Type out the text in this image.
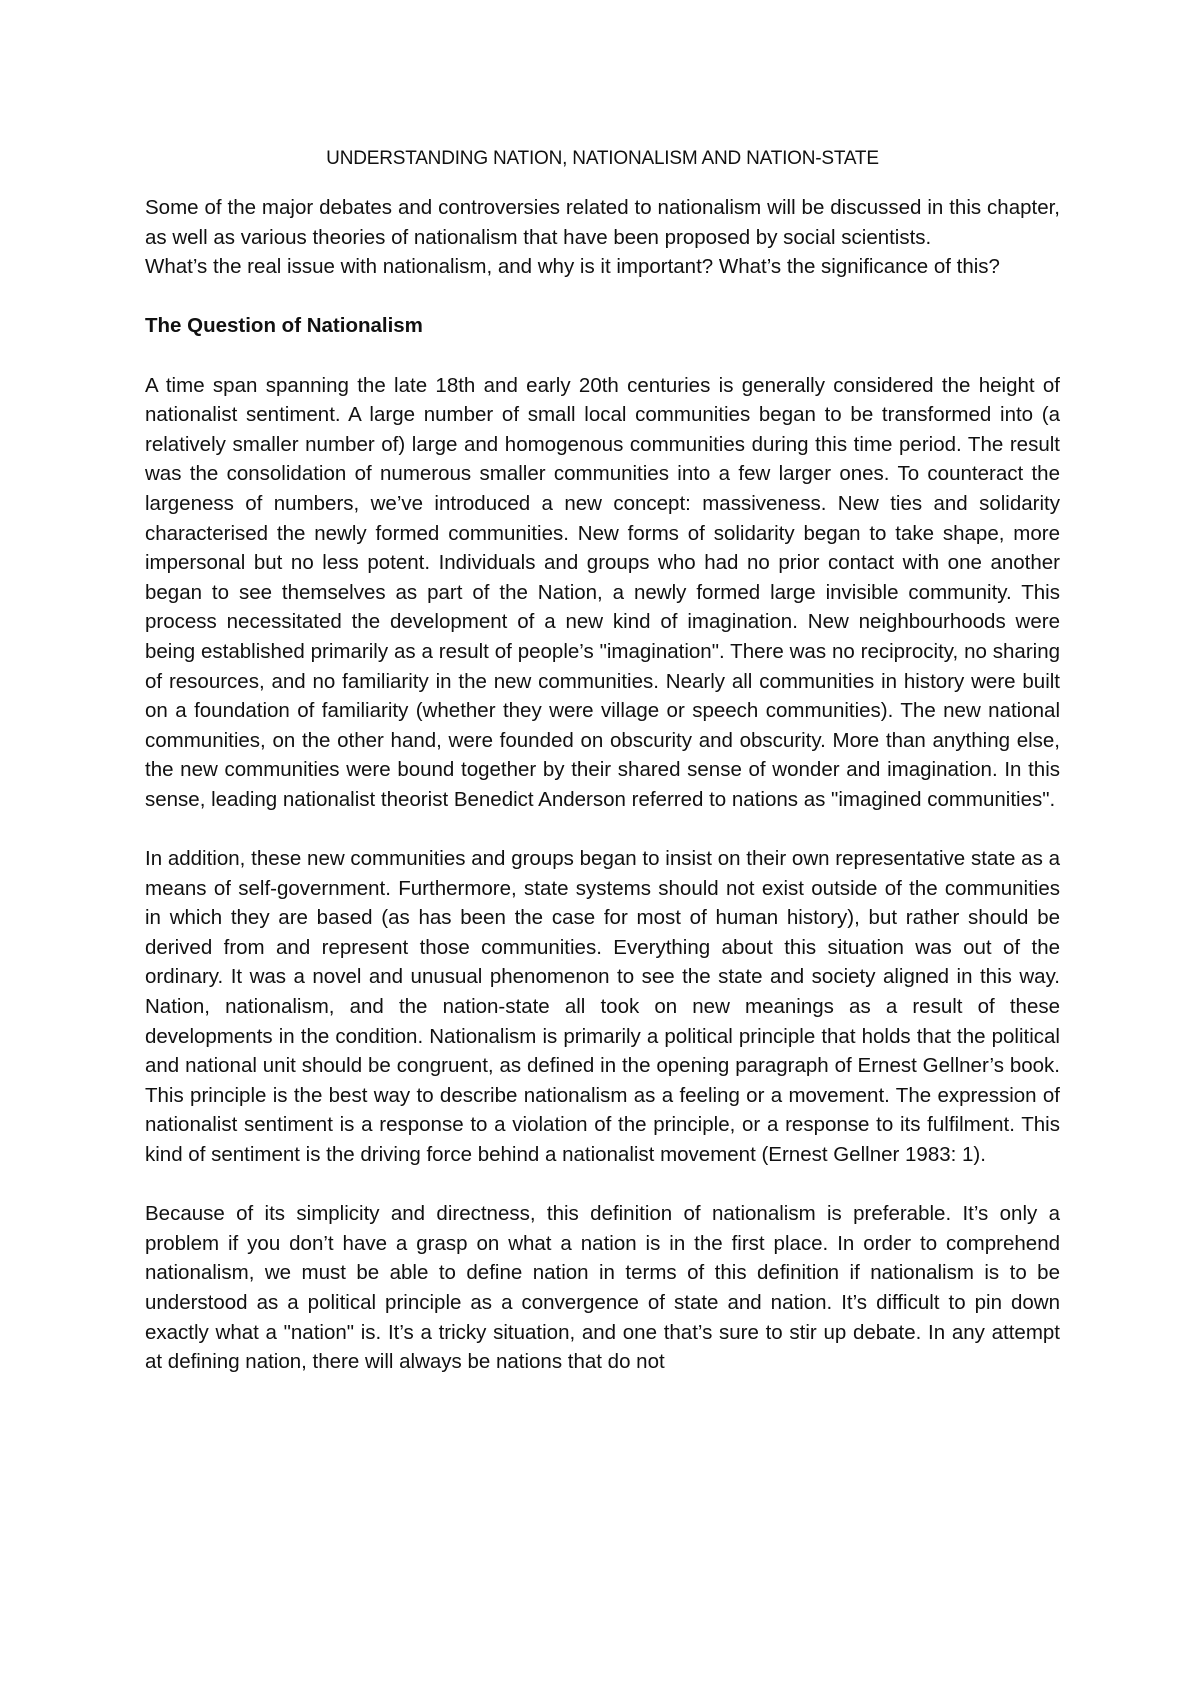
UNDERSTANDING NATION, NATIONALISM AND NATION-STATE

Some of the major debates and controversies related to nationalism will be discussed in this chapter, as well as various theories of nationalism that have been proposed by social scientists.

What’s the real issue with nationalism, and why is it important? What’s the significance of this?

The Question of Nationalism

A time span spanning the late 18th and early 20th centuries is generally considered the height of nationalist sentiment. A large number of small local communities began to be transformed into (a relatively smaller number of) large and homogenous communities during this time period. The result was the consolidation of numerous smaller communities into a few larger ones. To counteract the largeness of numbers, we’ve introduced a new concept: massiveness. New ties and solidarity characterised the newly formed communities. New forms of solidarity began to take shape, more impersonal but no less potent. Individuals and groups who had no prior contact with one another began to see themselves as part of the Nation, a newly formed large invisible community. This process necessitated the development of a new kind of imagination. New neighbourhoods were being established primarily as a result of people’s "imagination". There was no reciprocity, no sharing of resources, and no familiarity in the new communities. Nearly all communities in history were built on a foundation of familiarity (whether they were village or speech communities). The new national communities, on the other hand, were founded on obscurity and obscurity. More than anything else, the new communities were bound together by their shared sense of wonder and imagination. In this sense, leading nationalist theorist Benedict Anderson referred to nations as "imagined communities".

In addition, these new communities and groups began to insist on their own representative state as a means of self-government. Furthermore, state systems should not exist outside of the communities in which they are based (as has been the case for most of human history), but rather should be derived from and represent those communities. Everything about this situation was out of the ordinary. It was a novel and unusual phenomenon to see the state and society aligned in this way. Nation, nationalism, and the nation-state all took on new meanings as a result of these developments in the condition. Nationalism is primarily a political principle that holds that the political and national unit should be congruent, as defined in the opening paragraph of Ernest Gellner’s book. This principle is the best way to describe nationalism as a feeling or a movement. The expression of nationalist sentiment is a response to a violation of the principle, or a response to its fulfilment. This kind of sentiment is the driving force behind a nationalist movement (Ernest Gellner 1983: 1).

Because of its simplicity and directness, this definition of nationalism is preferable. It’s only a problem if you don’t have a grasp on what a nation is in the first place. In order to comprehend nationalism, we must be able to define nation in terms of this definition if nationalism is to be understood as a political principle as a convergence of state and nation. It’s difficult to pin down exactly what a "nation" is. It’s a tricky situation, and one that’s sure to stir up debate. In any attempt at defining nation, there will always be nations that do not
